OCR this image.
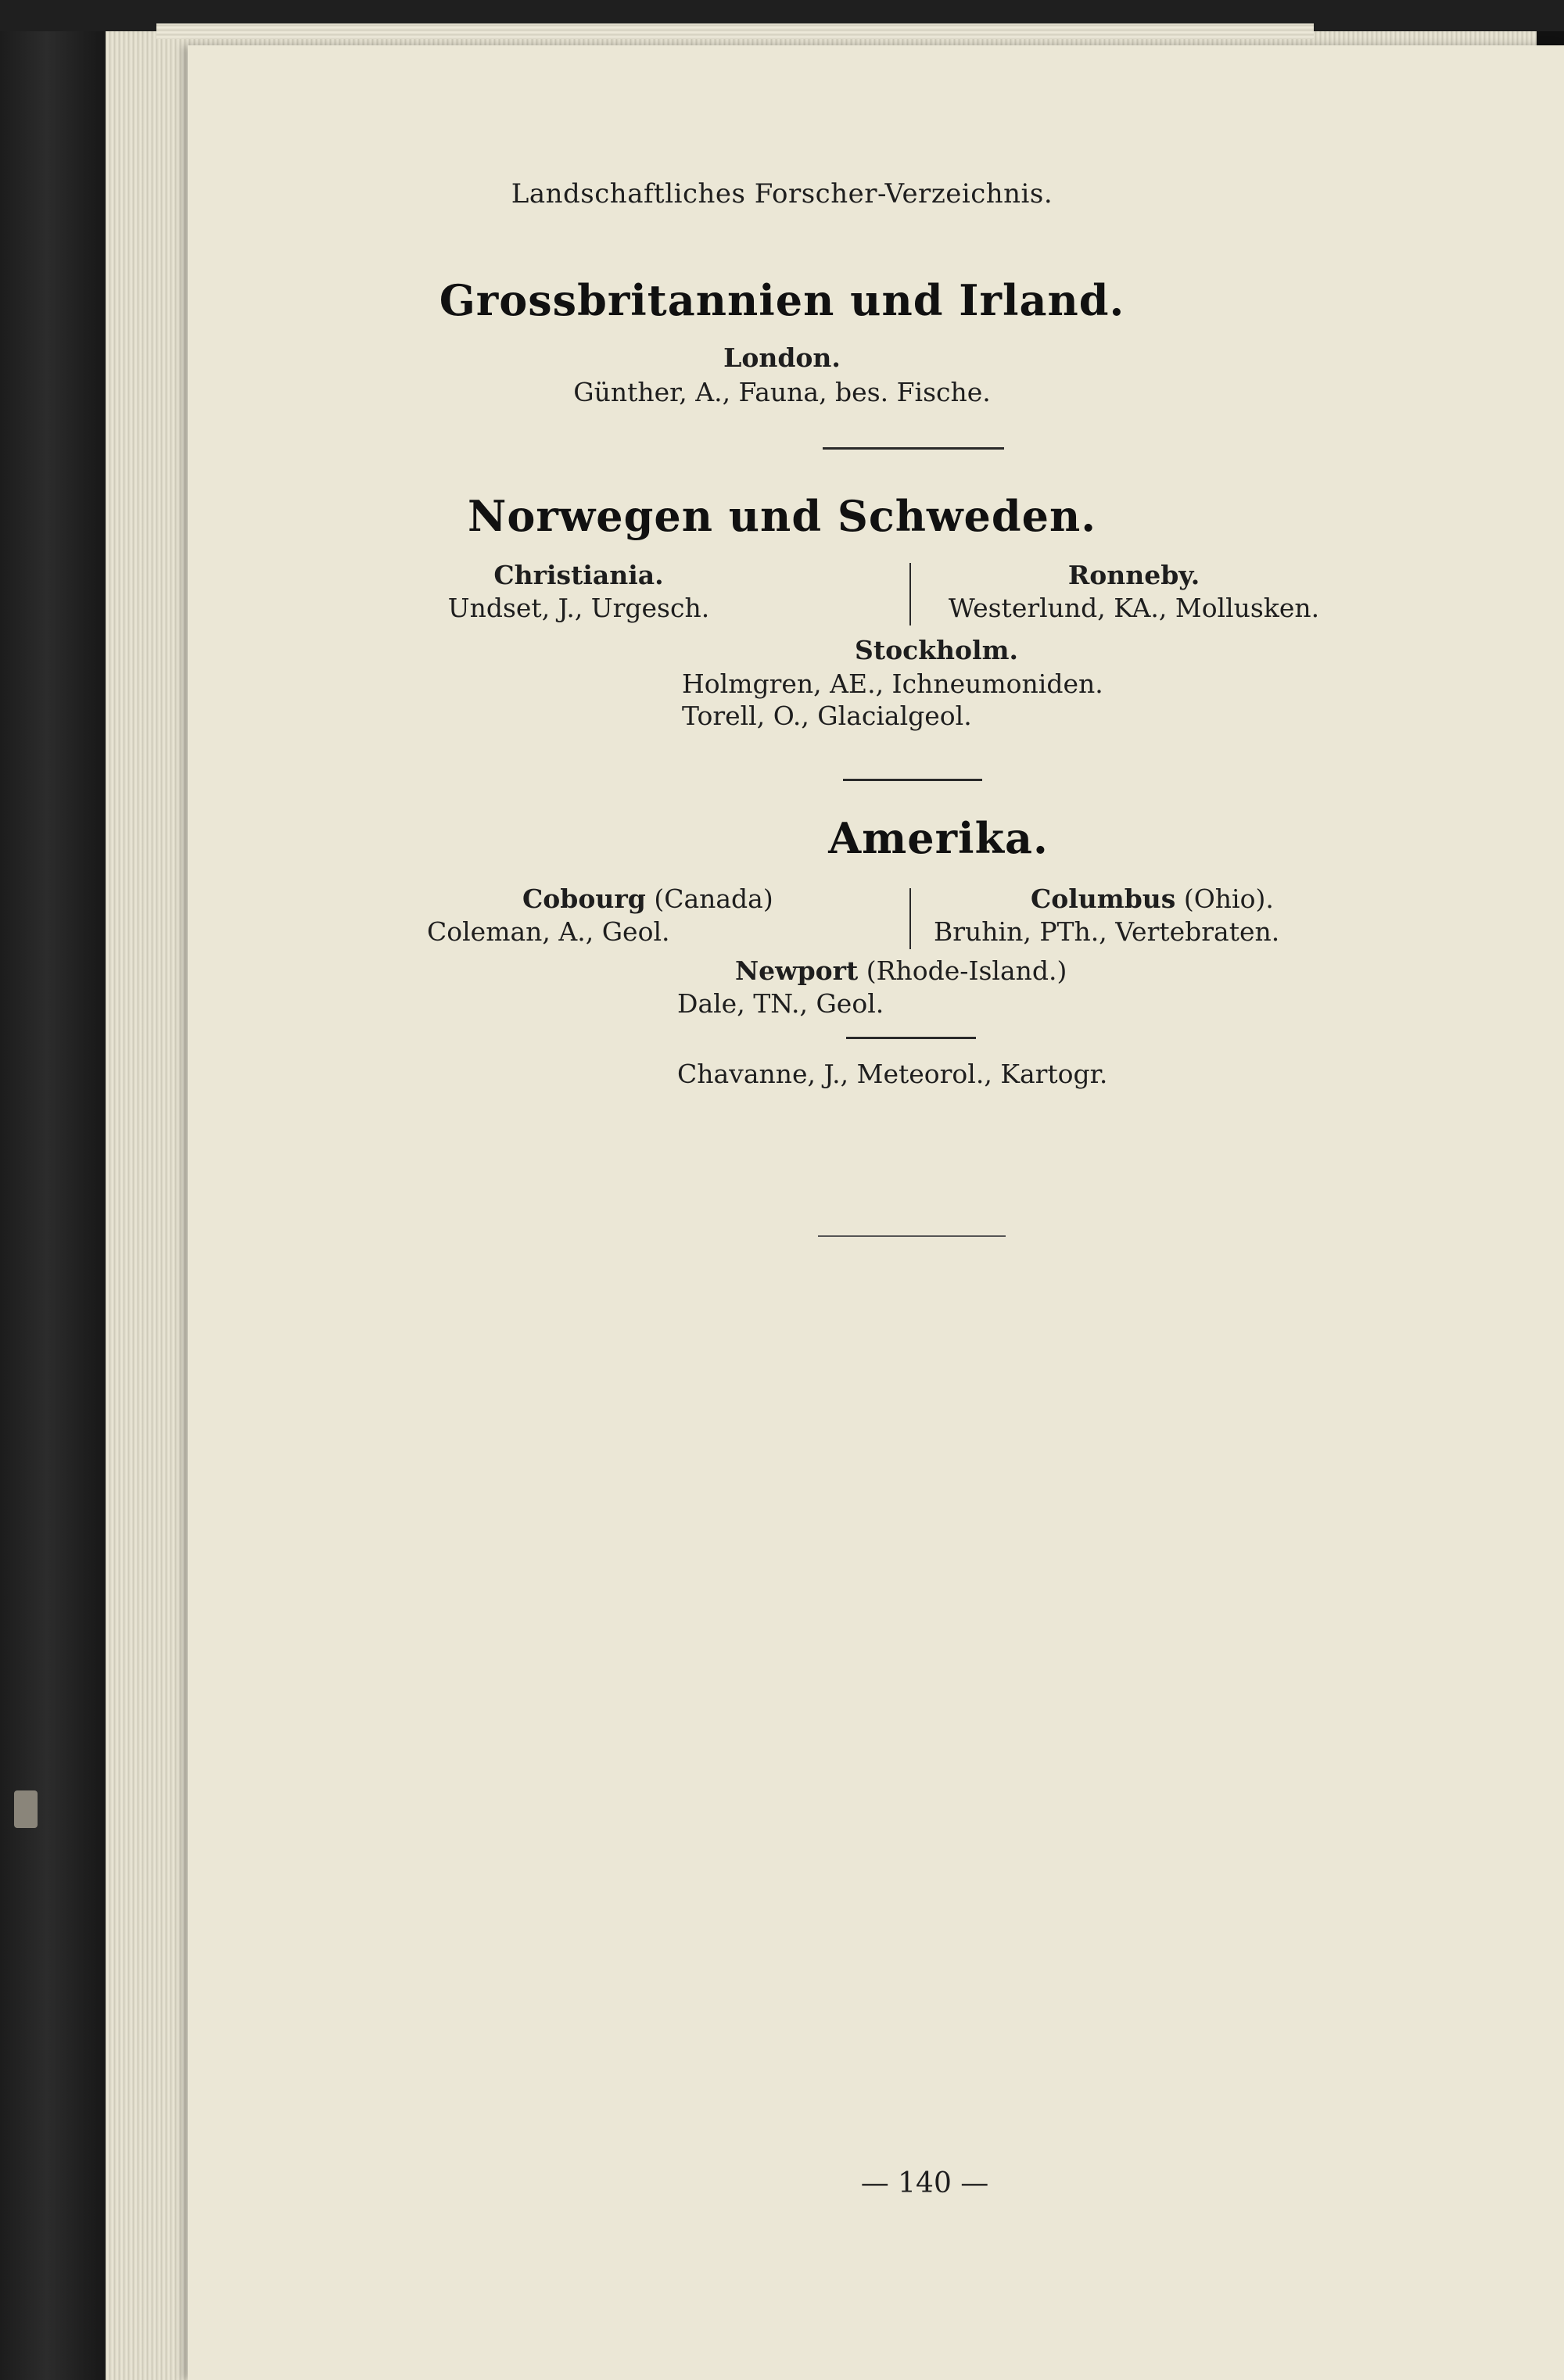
Landschaftliches Forscher-Verzeichnis.
Grossbritannien und Irland.
London.
Günther, A., Fauna, bes. Fische.
Norwegen und Schweden.
Christiania.
Undset, J., Urgesch.
Ronneby.
Westerlund, KA., Mollusken.
Stockholm.
Holmgren, AE., Ichneumoniden.
Torell, O., Glacialgeol.
Amerika.
Cobourg (Canada)
Coleman, A., Geol.
Columbus (Ohio).
Bruhin, PTh., Vertebraten.
Newport (Rhode-Island.)
Dale, TN., Geol.
Chavanne, J., Meteorol., Kartogr.
— 140 —
